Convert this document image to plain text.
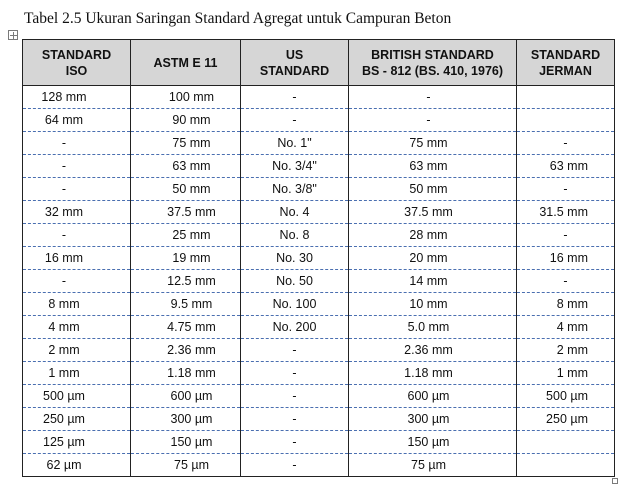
Tabel 2.5 Ukuran Saringan Standard Agregat untuk Campuran Beton
STANDARD
ISO	ASTM E 11	US
STANDARD	BRITISH STANDARD
BS - 812 (BS. 410, 1976)	STANDARD
JERMAN
128 mm	100 mm	-	-	
64 mm	90 mm	-	-	
-	75 mm	No. 1"	75 mm	-
-	63 mm	No. 3/4"	63 mm	63 mm
-	50 mm	No. 3/8"	50 mm	-
32 mm	37.5 mm	No. 4	37.5 mm	31.5 mm
-	25 mm	No. 8	28 mm	-
16 mm	19 mm	No. 30	20 mm	16 mm
-	12.5 mm	No. 50	14 mm	-
8 mm	9.5 mm	No. 100	10 mm	8 mm
4 mm	4.75 mm	No. 200	5.0 mm	4 mm
2 mm	2.36 mm	-	2.36 mm	2 mm
1 mm	1.18 mm	-	1.18 mm	1 mm
500 µm	600 µm	-	600 µm	500 µm
250 µm	300 µm	-	300 µm	250 µm
125 µm	150 µm	-	150 µm	
62 µm	75 µm	-	75 µm	
